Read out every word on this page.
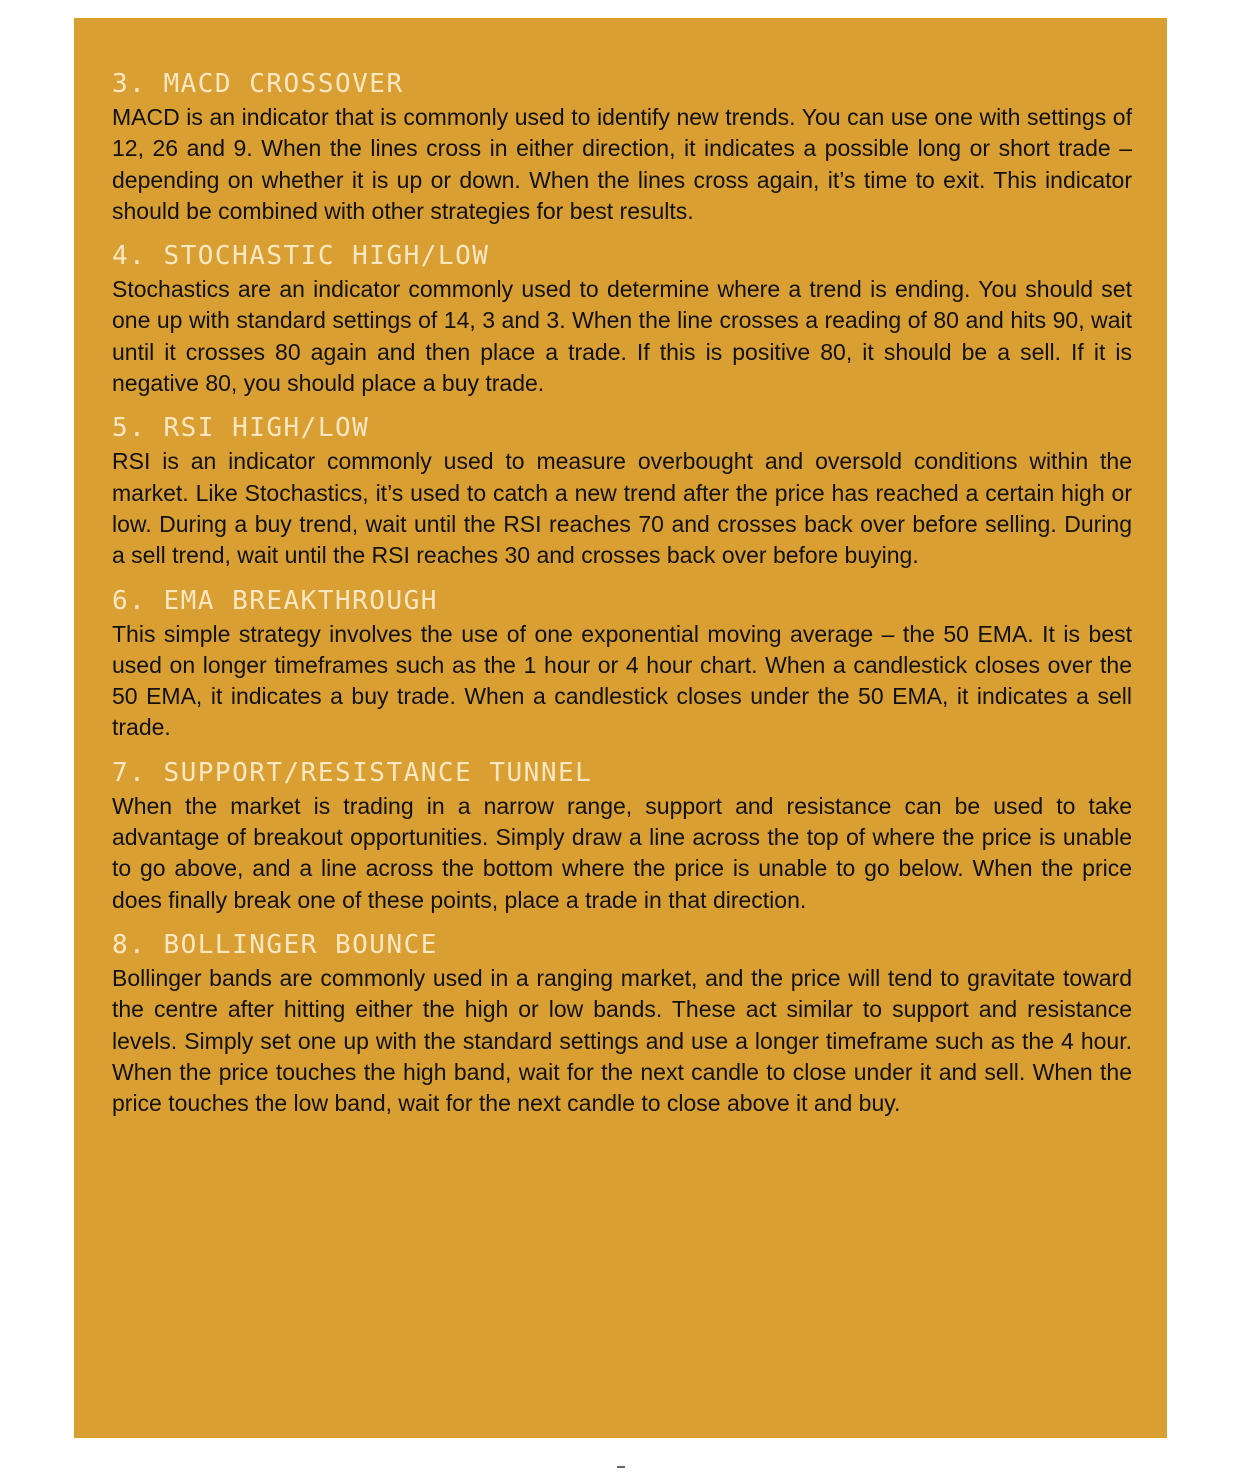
3. MACD CROSSOVER

MACD is an indicator that is commonly used to identify new trends. You can use one with settings of 12, 26 and 9. When the lines cross in either direction, it indicates a possible long or short trade – depending on whether it is up or down. When the lines cross again, it’s time to exit. This indicator should be combined with other strategies for best results.

4. STOCHASTIC HIGH/LOW

Stochastics are an indicator commonly used to determine where a trend is ending. You should set one up with standard settings of 14, 3 and 3. When the line crosses a reading of 80 and hits 90, wait until it crosses 80 again and then place a trade. If this is positive 80, it should be a sell. If it is negative 80, you should place a buy trade.

5. RSI HIGH/LOW

RSI is an indicator commonly used to measure overbought and oversold conditions within the market. Like Stochastics, it’s used to catch a new trend after the price has reached a certain high or low. During a buy trend, wait until the RSI reaches 70 and crosses back over before selling. During a sell trend, wait until the RSI reaches 30 and crosses back over before buying.

6. EMA BREAKTHROUGH

This simple strategy involves the use of one exponential moving average – the 50 EMA. It is best used on longer timeframes such as the 1 hour or 4 hour chart. When a candlestick closes over the 50 EMA, it indicates a buy trade. When a candlestick closes under the 50 EMA, it indicates a sell trade.

7. SUPPORT/RESISTANCE TUNNEL

When the market is trading in a narrow range, support and resistance can be used to take advantage of breakout opportunities. Simply draw a line across the top of where the price is unable to go above, and a line across the bottom where the price is unable to go below. When the price does finally break one of these points, place a trade in that direction.

8. BOLLINGER BOUNCE

Bollinger bands are commonly used in a ranging market, and the price will tend to gravitate toward the centre after hitting either the high or low bands. These act similar to support and resistance levels. Simply set one up with the standard settings and use a longer timeframe such as the 4 hour. When the price touches the high band, wait for the next candle to close under it and sell. When the price touches the low band, wait for the next candle to close above it and buy.
